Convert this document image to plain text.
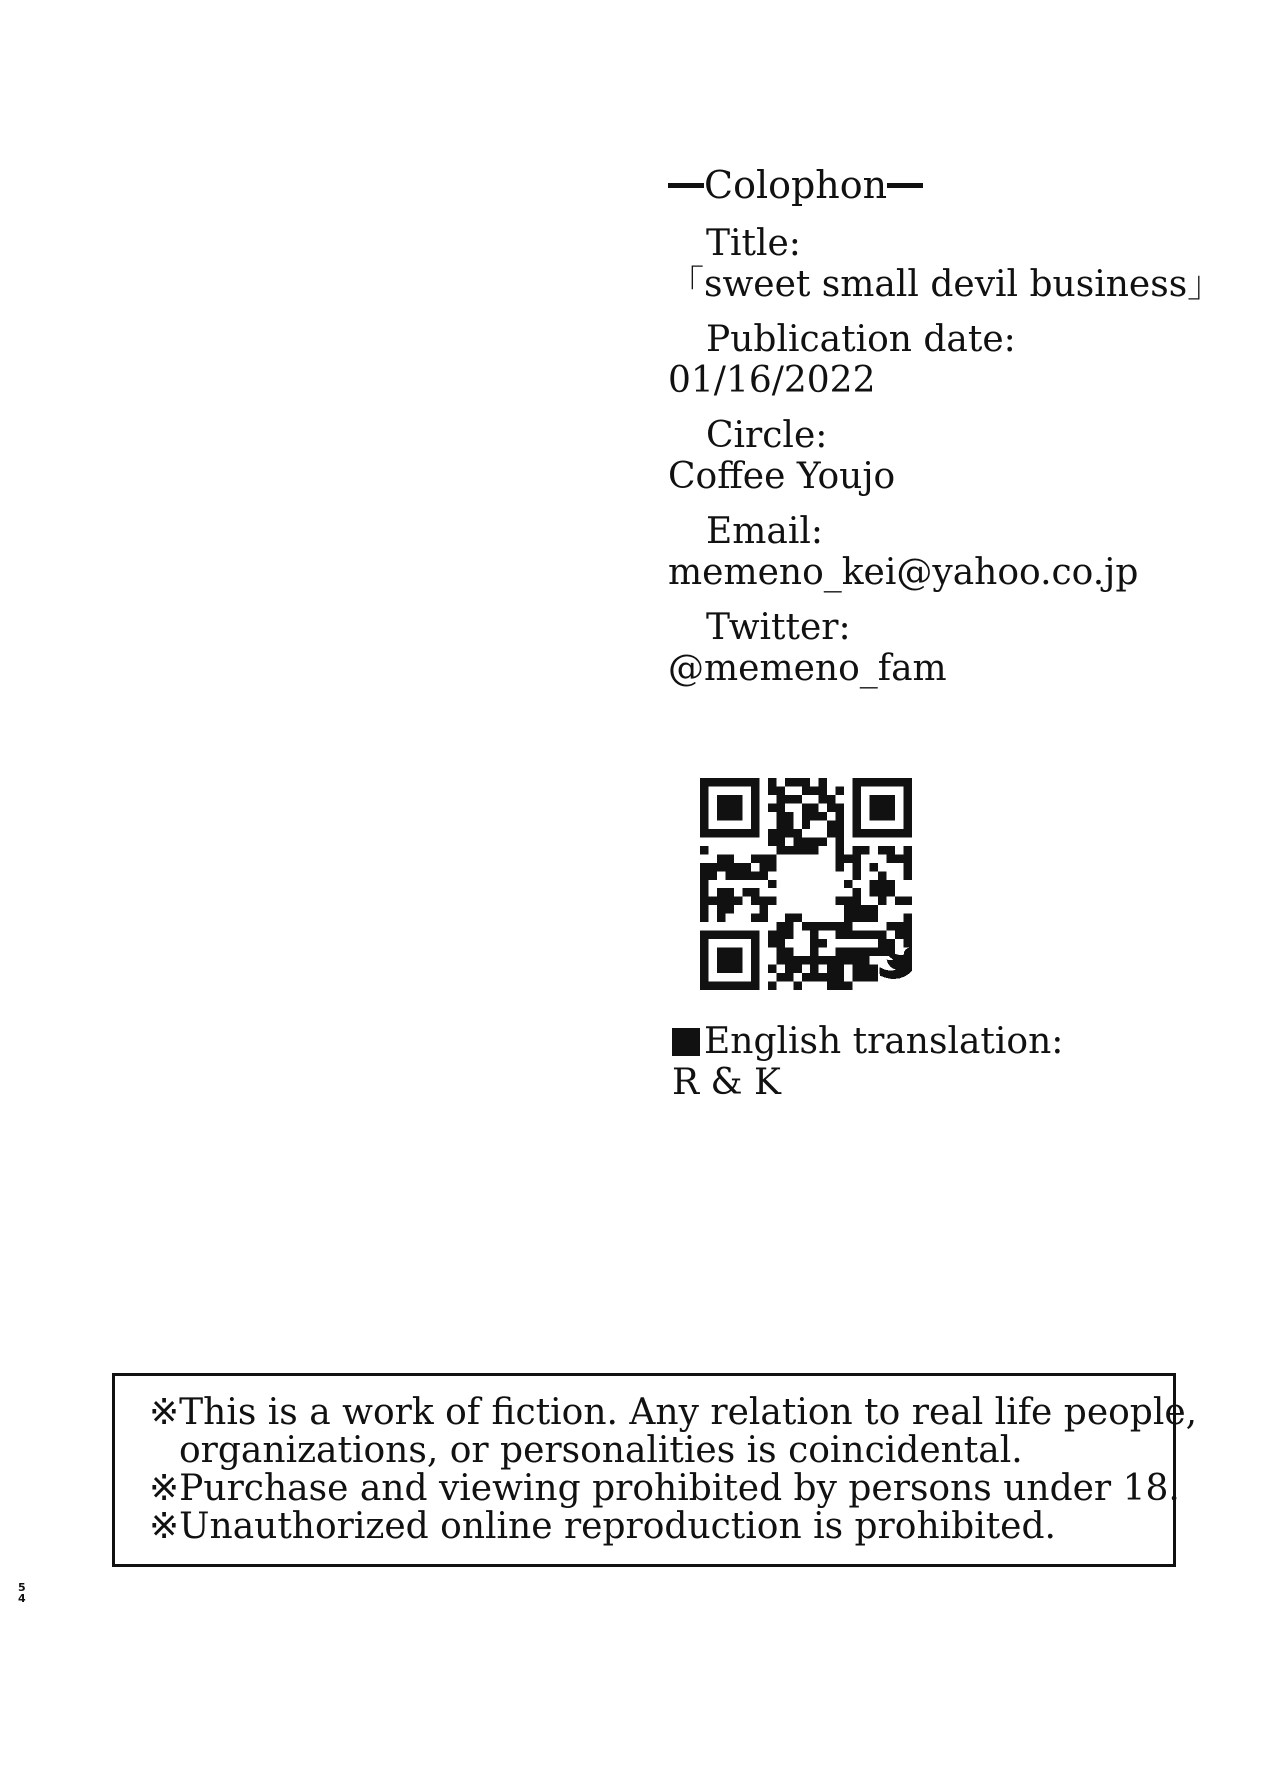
Colophon
Title:
「sweet small devil business」
Publication date:
01/16/2022
Circle:
Coffee Youjo
Email:
memeno_kei@yahoo.co.jp
Twitter:
@memeno_fam
English translation:
R & K
※This is a work of fiction. Any relation to real life people,
organizations, or personalities is coincidental.
※Purchase and viewing prohibited by persons under 18.
※Unauthorized online reproduction is prohibited.
5
4
